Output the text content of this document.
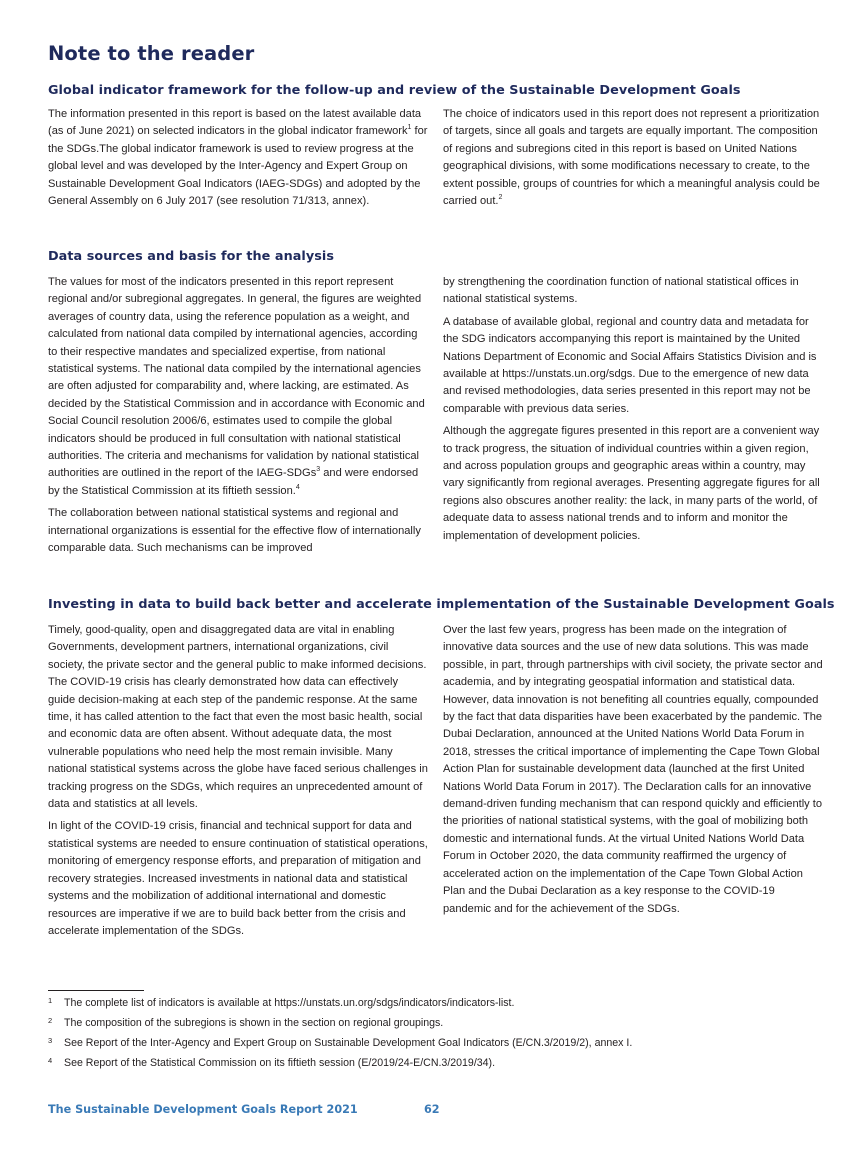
Note to the reader
Global indicator framework for the follow-up and review of the Sustainable Development Goals

The information presented in this report is based on the latest available data (as of June 2021) on selected indicators in the global indicator framework$^1$ for the SDGs.The global indicator framework is used to review progress at the global level and was developed by the Inter-Agency and Expert Group on Sustainable Development Goal Indicators (IAEG-SDGs) and adopted by the General Assembly on 6 July 2017 (see resolution 71/313, annex).

The choice of indicators used in this report does not represent a prioritization of targets, since all goals and targets are equally important. The composition of regions and subregions cited in this report is based on United Nations geographical divisions, with some modifications necessary to create, to the extent possible, groups of countries for which a meaningful analysis could be carried out.$^2$

Data sources and basis for the analysis

The values for most of the indicators presented in this report represent regional and/or subregional aggregates. In general, the figures are weighted averages of country data, using the reference population as a weight, and calculated from national data compiled by international agencies, according to their respective mandates and specialized expertise, from national statistical systems. The national data compiled by the international agencies are often adjusted for comparability and, where lacking, are estimated. As decided by the Statistical Commission and in accordance with Economic and Social Council resolution 2006/6, estimates used to compile the global indicators should be produced in full consultation with national statistical authorities. The criteria and mechanisms for validation by national statistical authorities are outlined in the report of the IAEG-SDGs$^3$ and were endorsed by the Statistical Commission at its fiftieth session.$^4$

The collaboration between national statistical systems and regional and international organizations is essential for the effective flow of internationally comparable data. Such mechanisms can be improved

by strengthening the coordination function of national statistical offices in national statistical systems.

A database of available global, regional and country data and metadata for the SDG indicators accompanying this report is maintained by the United Nations Department of Economic and Social Affairs Statistics Division and is available at https://unstats.un.org/sdgs. Due to the emergence of new data and revised methodologies, data series presented in this report may not be comparable with previous data series.

Although the aggregate figures presented in this report are a convenient way to track progress, the situation of individual countries within a given region, and across population groups and geographic areas within a country, may vary significantly from regional averages. Presenting aggregate figures for all regions also obscures another reality: the lack, in many parts of the world, of adequate data to assess national trends and to inform and monitor the implementation of development policies.

Investing in data to build back better and accelerate implementation of the Sustainable Development Goals

Timely, good-quality, open and disaggregated data are vital in enabling Governments, development partners, international organizations, civil society, the private sector and the general public to make informed decisions. The COVID-19 crisis has clearly demonstrated how data can effectively guide decision-making at each step of the pandemic response. At the same time, it has called attention to the fact that even the most basic health, social and economic data are often absent. Without adequate data, the most vulnerable populations who need help the most remain invisible. Many national statistical systems across the globe have faced serious challenges in tracking progress on the SDGs, which requires an unprecedented amount of data and statistics at all levels.

In light of the COVID-19 crisis, financial and technical support for data and statistical systems are needed to ensure continuation of statistical operations, monitoring of emergency response efforts, and preparation of mitigation and recovery strategies. Increased investments in national data and statistical systems and the mobilization of additional international and domestic resources are imperative if we are to build back better from the crisis and accelerate implementation of the SDGs.

Over the last few years, progress has been made on the integration of innovative data sources and the use of new data solutions. This was made possible, in part, through partnerships with civil society, the private sector and academia, and by integrating geospatial information and statistical data. However, data innovation is not benefiting all countries equally, compounded by the fact that data disparities have been exacerbated by the pandemic. The Dubai Declaration, announced at the United Nations World Data Forum in 2018, stresses the critical importance of implementing the Cape Town Global Action Plan for sustainable development data (launched at the first United Nations World Data Forum in 2017). The Declaration calls for an innovative demand-driven funding mechanism that can respond quickly and efficiently to the priorities of national statistical systems, with the goal of mobilizing both domestic and international funds. At the virtual United Nations World Data Forum in October 2020, the data community reaffirmed the urgency of accelerated action on the implementation of the Cape Town Global Action Plan and the Dubai Declaration as a key response to the COVID-19 pandemic and for the achievement of the SDGs.

1 The complete list of indicators is available at https://unstats.un.org/sdgs/indicators/indicators-list.
2 The composition of the subregions is shown in the section on regional groupings.
3 See Report of the Inter-Agency and Expert Group on Sustainable Development Goal Indicators (E/CN.3/2019/2), annex I.
4 See Report of the Statistical Commission on its fiftieth session (E/2019/24-E/CN.3/2019/34).
The Sustainable Development Goals Report 2021	62
